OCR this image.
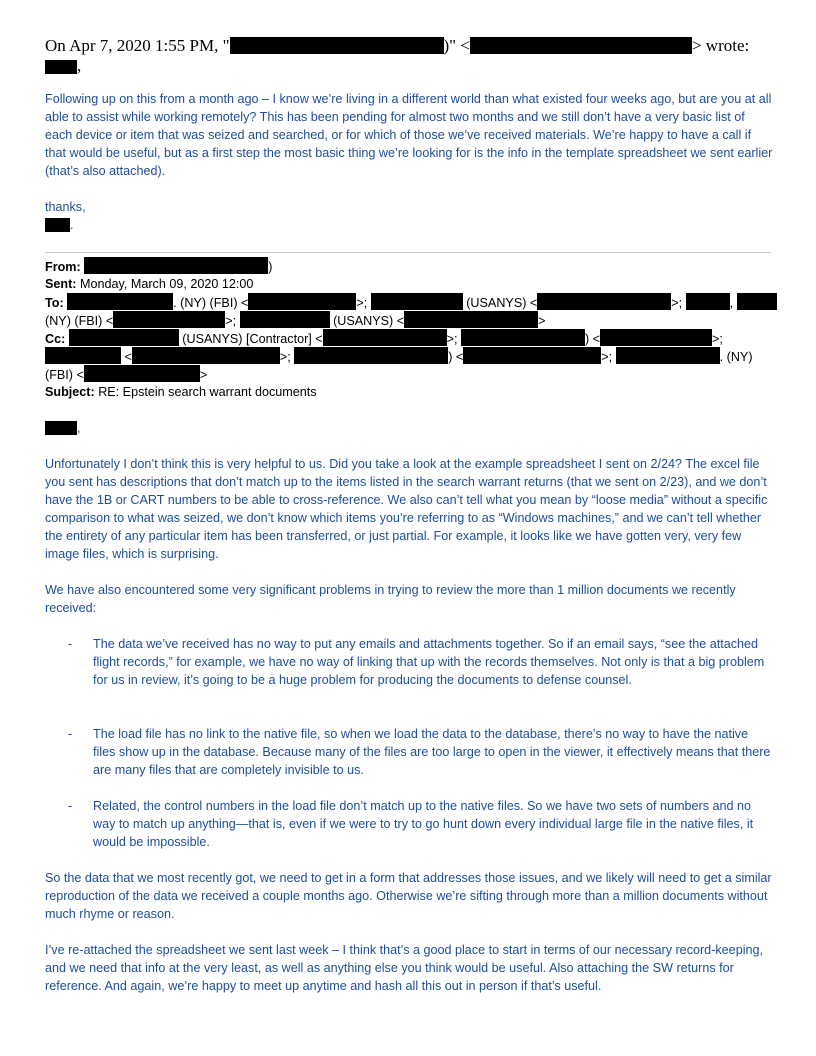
On Apr 7, 2020 1:55 PM, "	)" <	> wrote:
,
Following up on this from a month ago – I know we’re living in a different world than what existed four weeks ago, but are you at all able to assist while working remotely? This has been pending for almost two months and we still don’t have a very basic list of each device or item that was seized and searched, or for which of those we’ve received materials. We’re happy to have a call if that would be useful, but as a first step the most basic thing we’re looking for is the info in the template spreadsheet we sent earlier (that’s also attached).
thanks,
.
From:	)
Sent: Monday, March 09, 2020 12:00
To:	. (NY) (FBI) <	>;	(USANYS) <	>;	,
(NY) (FBI) <	>;	(USANYS) <	>
Cc:	(USANYS) [Contractor] <	>;	) <	>;
<	>;	) <	>;	. (NY)
(FBI) <	>
Subject: RE: Epstein search warrant documents
,
Unfortunately I don’t think this is very helpful to us. Did you take a look at the example spreadsheet I sent on 2/24? The excel file you sent has descriptions that don’t match up to the items listed in the search warrant returns (that we sent on 2/23), and we don’t have the 1B or CART numbers to be able to cross-reference. We also can’t tell what you mean by “loose media” without a specific comparison to what was seized, we don’t know which items you’re referring to as “Windows machines,” and we can’t tell whether the entirety of any particular item has been transferred, or just partial. For example, it looks like we have gotten very, very few image files, which is surprising.
We have also encountered some very significant problems in trying to review the more than 1 million documents we recently received:
- The data we’ve received has no way to put any emails and attachments together. So if an email says, “see the attached flight records,” for example, we have no way of linking that up with the records themselves. Not only is that a big problem for us in review, it’s going to be a huge problem for producing the documents to defense counsel.
- The load file has no link to the native file, so when we load the data to the database, there’s no way to have the native files show up in the database. Because many of the files are too large to open in the viewer, it effectively means that there are many files that are completely invisible to us.
- Related, the control numbers in the load file don’t match up to the native files. So we have two sets of numbers and no way to match up anything—that is, even if we were to try to go hunt down every individual large file in the native files, it would be impossible.
So the data that we most recently got, we need to get in a form that addresses those issues, and we likely will need to get a similar reproduction of the data we received a couple months ago. Otherwise we’re sifting through more than a million documents without much rhyme or reason.
I’ve re-attached the spreadsheet we sent last week – I think that’s a good place to start in terms of our necessary record-keeping, and we need that info at the very least, as well as anything else you think would be useful. Also attaching the SW returns for reference. And again, we’re happy to meet up anytime and hash all this out in person if that’s useful.
